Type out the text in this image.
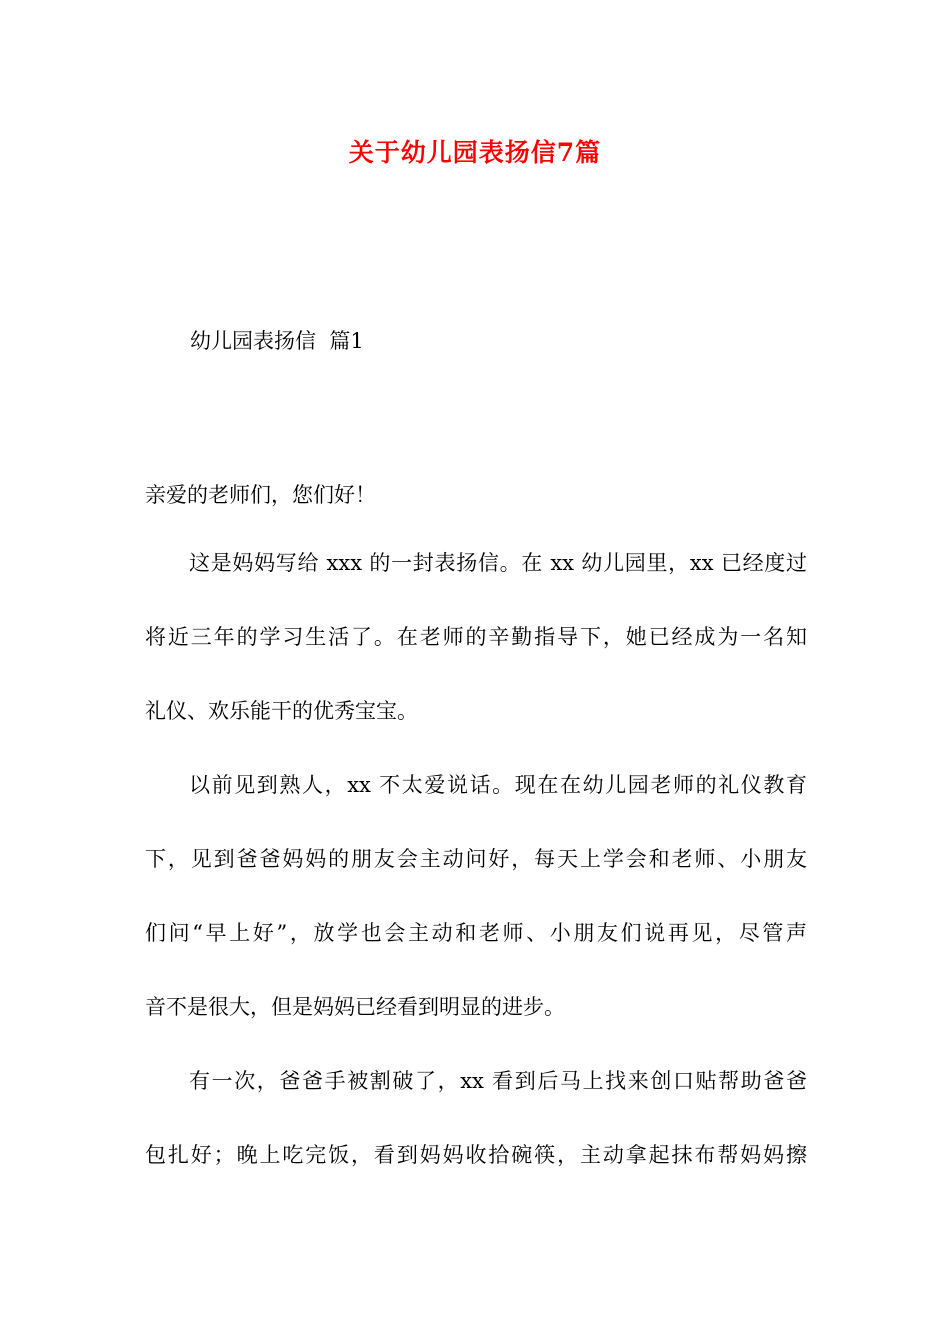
关于幼儿园表扬信7篇
幼儿园表扬信  篇1
亲爱的老师们，您们好！
这是妈妈写给 xxx 的一封表扬信。在 xx 幼儿园里，xx 已经度过
将近三年的学习生活了。在老师的辛勤指导下，她已经成为一名知
礼仪、欢乐能干的优秀宝宝。
以前见到熟人，xx 不太爱说话。现在在幼儿园老师的礼仪教育
下，见到爸爸妈妈的朋友会主动问好，每天上学会和老师、小朋友
们问“早上好”，放学也会主动和老师、小朋友们说再见，尽管声
音不是很大，但是妈妈已经看到明显的进步。
有一次，爸爸手被割破了，xx 看到后马上找来创口贴帮助爸爸
包扎好；晚上吃完饭，看到妈妈收拾碗筷，主动拿起抹布帮妈妈擦
